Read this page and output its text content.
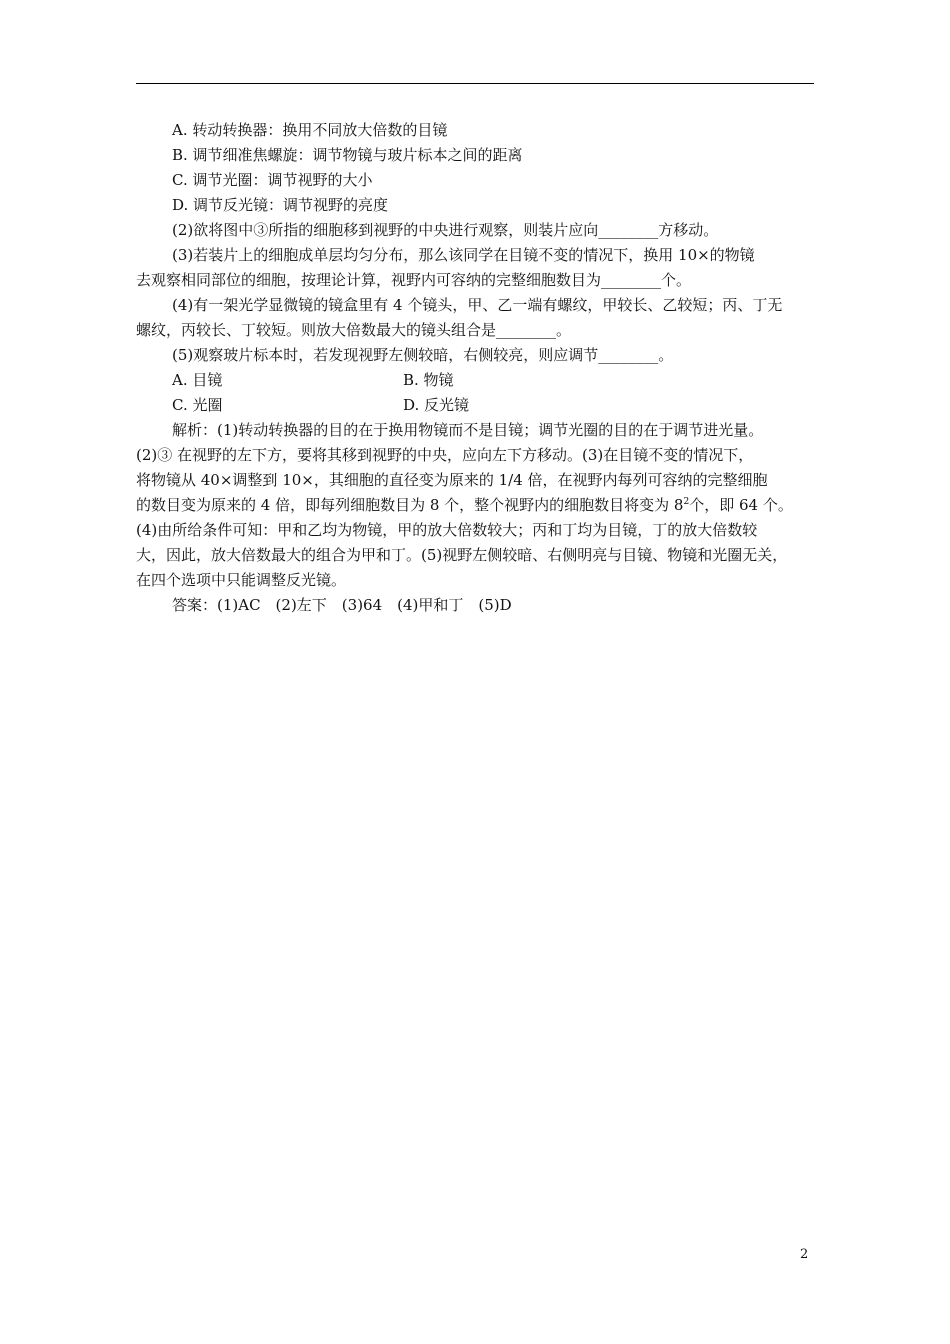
A. 转动转换器：换用不同放大倍数的目镜
B. 调节细准焦螺旋：调节物镜与玻片标本之间的距离
C. 调节光圈：调节视野的大小
D. 调节反光镜：调节视野的亮度
(2)欲将图中③所指的细胞移到视野的中央进行观察，则装片应向________方移动。
(3)若装片上的细胞成单层均匀分布，那么该同学在目镜不变的情况下，换用 10×的物镜
去观察相同部位的细胞，按理论计算，视野内可容纳的完整细胞数目为________个。
(4)有一架光学显微镜的镜盒里有 4 个镜头，甲、乙一端有螺纹，甲较长、乙较短；丙、丁无
螺纹，丙较长、丁较短。则放大倍数最大的镜头组合是________。
(5)观察玻片标本时，若发现视野左侧较暗，右侧较亮，则应调节________。
A. 目镜	B. 物镜
C. 光圈	D. 反光镜
解析：(1)转动转换器的目的在于换用物镜而不是目镜；调节光圈的目的在于调节进光量。
(2)③ 在视野的左下方，要将其移到视野的中央，应向左下方移动。(3)在目镜不变的情况下，
将物镜从 40×调整到 10×，其细胞的直径变为原来的 1/4 倍，在视野内每列可容纳的完整细胞
的数目变为原来的 4 倍，即每列细胞数目为 8 个，整个视野内的细胞数目将变为 $8^2$个，即 64 个。
(4)由所给条件可知：甲和乙均为物镜，甲的放大倍数较大；丙和丁均为目镜，丁的放大倍数较
大，因此，放大倍数最大的组合为甲和丁。(5)视野左侧较暗、右侧明亮与目镜、物镜和光圈无关，
在四个选项中只能调整反光镜。
答案：(1)AC　(2)左下　(3)64　(4)甲和丁　(5)D
2
